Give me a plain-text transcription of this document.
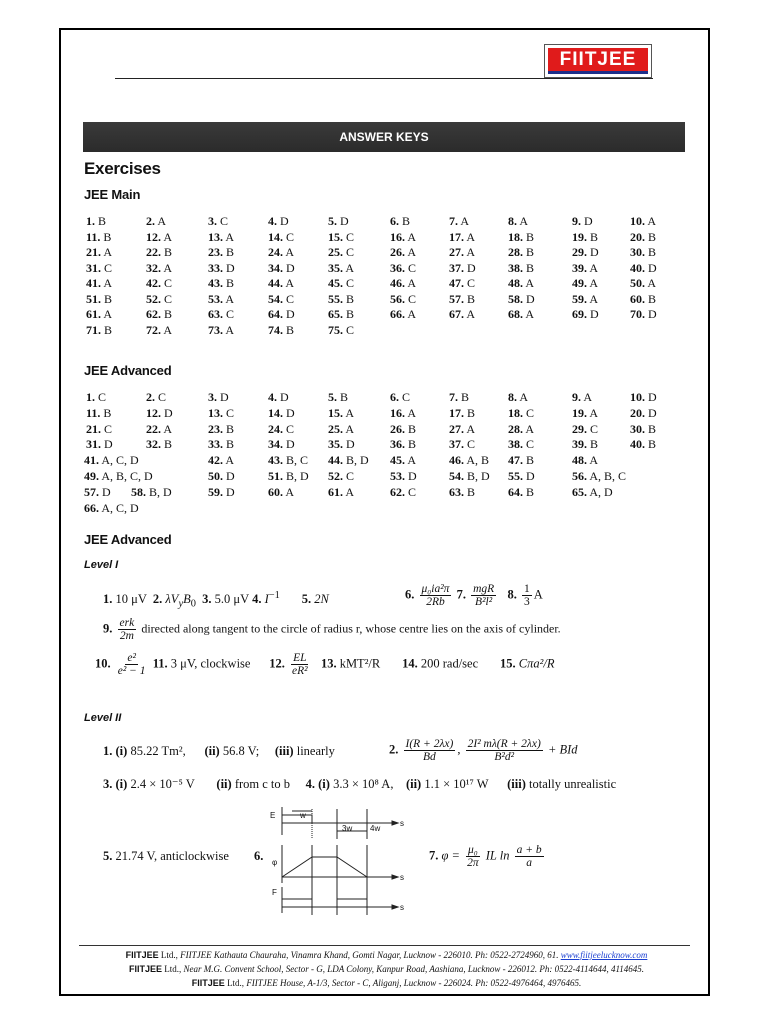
FIITJEE
ANSWER KEYS
Exercises
JEE Main
1. B	2. A	3. C	4. D	5. D	6. B	7. A	8. A	9. D	10. A
11. B	12. A	13. A	14. C	15. C	16. A	17. A	18. B	19. B	20. B
21. A	22. B	23. B	24. A	25. C	26. A	27. A	28. B	29. D	30. B
31. C	32. A	33. D	34. D	35. A	36. C	37. D	38. B	39. A	40. D
41. A	42. C	43. B	44. A	45. C	46. A	47. C	48. A	49. A	50. A
51. B	52. C	53. A	54. C	55. B	56. C	57. B	58. D	59. A	60. B
61. A	62. B	63. C	64. D	65. B	66. A	67. A	68. A	69. D	70. D
71. B	72. A	73. A	74. B	75. C
JEE Advanced
1. C	2. C	3. D	4. D	5. B	6. C	7. B	8. A	9. A	10. D
11. B	12. D	13. C	14. D	15. A	16. A	17. B	18. C	19. A	20. D
21. C	22. A	23. B	24. C	25. A	26. B	27. A	28. A	29. C	30. B
31. D	32. B	33. B	34. D	35. D	36. B	37. C	38. C	39. B	40. B
41. A, C, D	42. A	43. B, C 44. B, D 45. A	46. A, B 47. B	48. A
49. A, B, C, D	50. D	51. B, D 52. C	53. D	54. B, D 55. D	56. A, B, C
57. D 58. B, D	59. D	60. A	61. A	62. C	63. B	64. B	65. A, D
66. A, C, D
JEE Advanced
Level I
1. 10 μV 2. $\lambda V_yB_0$ 3. 5.0 μV 4. $I^{-1}$ 5. 2N	6. $\frac{\text{μ₀ia²π}}{2Rb} 7$. $\frac{\text{mgR}}{\text{B²l²}} 8$. $\frac{1}{3}$ A
9. $\frac{\text{erk}}{2m}$ directed along tangent to the circle of radius r, whose centre lies on the axis of cylinder.
10. $\frac{\text{e²}}{\text{e² − 1}} 11$. 3 μV, clockwise 12. $\frac{EL}{\text{eR²}} 13$. kMT²/R 14. 200 rad/sec 15. Cπa²/R
Level II
1. (i) 85.22 Tm², (ii) 56.8 V; (iii) linearly	2. $\frac{I(R + 2\lambda x)}{Bd}$ , $\frac{\text{2I² mλ(R + 2λx)}}{\text{B²d²}}$ + BId
3. (i) 2.4 × 10⁻⁵ V (ii) from c to b 4. (i) 3.3 × 10⁸ A, (ii) 1.1 × 10¹⁷ W (iii) totally unrealistic
5. 21.74 V, anticlockwise 6.
E	w
3w 4w
s
φ
s
F
s
7. $\varphi = \frac{\text{μ₀}}{2\pi}$ IL $\ln \frac{a + b}{a}$
FIITJEE Ltd., FIITJEE Kathauta Chauraha, Vinamra Khand, Gomti Nagar, Lucknow - 226010. Ph: 0522-2724960, 61. www.fiitjeelucknow.com
FIITJEE Ltd., Near M.G. Convent School, Sector - G, LDA Colony, Kanpur Road, Aashiana, Lucknow - 226012. Ph: 0522-4114644, 4114645.
FIITJEE Ltd., FIITJEE House, A-1/3, Sector - C, Aliganj, Lucknow - 226024. Ph: 0522-4976464, 4976465.
